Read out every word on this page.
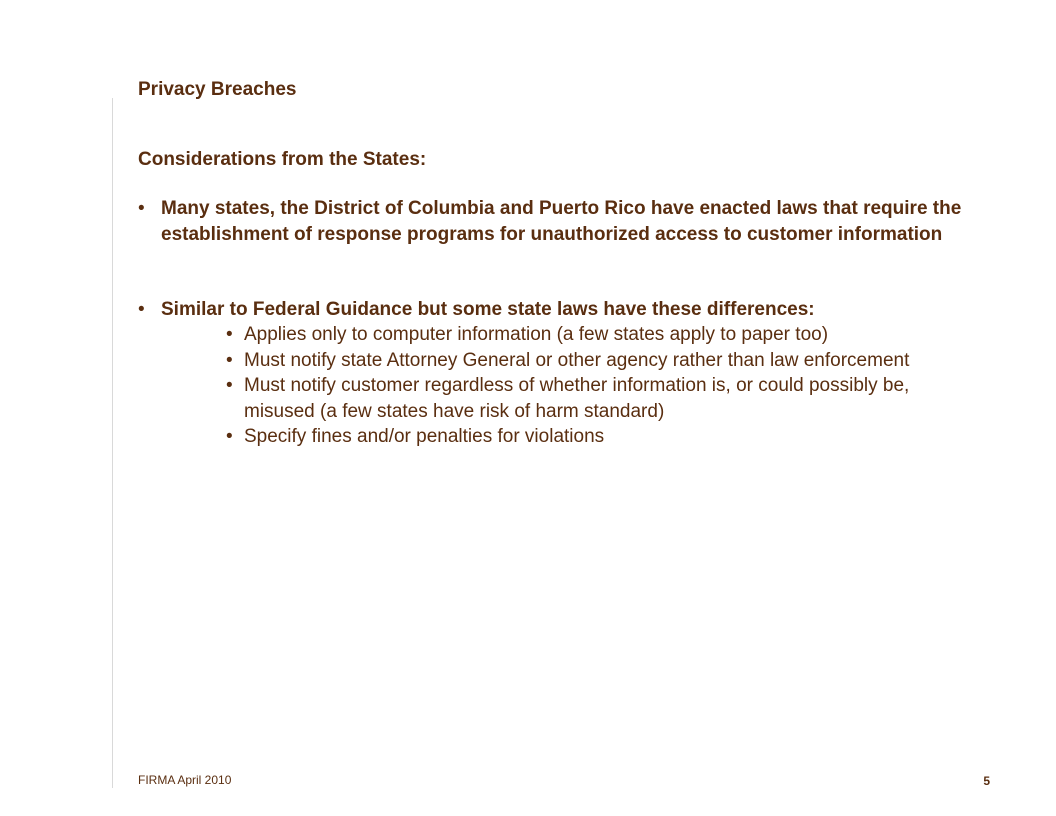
Privacy Breaches
Considerations from the States:
• Many states, the District of Columbia and Puerto Rico have enacted laws that require the establishment of response programs for unauthorized access to customer information
• Similar to Federal Guidance but some state laws have these differences:
• Applies only to computer information (a few states apply to paper too)
• Must notify state Attorney General or other agency rather than law enforcement
• Must notify customer regardless of whether information is, or could possibly be, misused (a few states have risk of harm standard)
• Specify fines and/or penalties for violations
FIRMA April 2010	5
